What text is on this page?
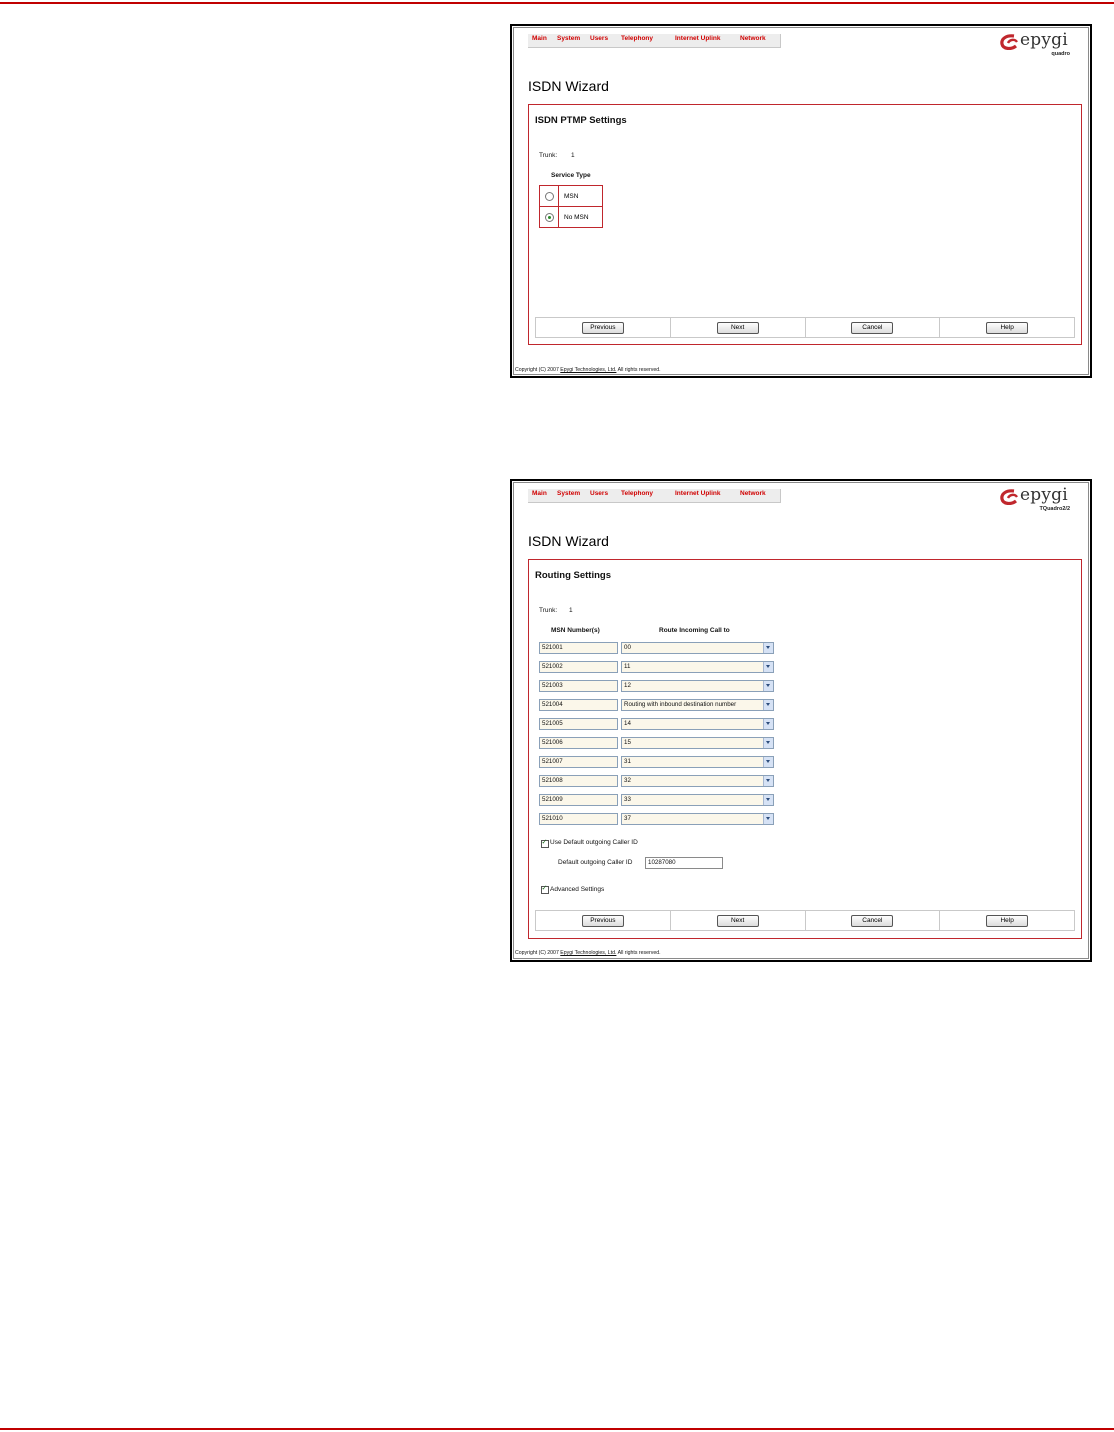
Main System Users Telephony	Internet Uplink	Network	epygi
quadro
ISDN Wizard
ISDN PTMP Settings
Trunk: 1
Service Type
	MSN
	No MSN
Previous	Next	Cancel	Help
Copyright (C) 2007 Epygi Technologies, Ltd. All rights reserved.
Main System Users Telephony	Internet Uplink	Network	epygi
TQuadro2/2
ISDN Wizard
Routing Settings
Trunk: 1
MSN Number(s)	Route Incoming Call to
521001	00
521002	11
521003	12
521004	Routing with inbound destination number
521005	14
521006	15
521007	31
521008	32
521009	33
521010	37
✓
Use Default outgoing Caller ID
Default outgoing Caller ID	10287080
✓
Advanced Settings
Previous	Next	Cancel	Help
Copyright (C) 2007 Epygi Technologies, Ltd. All rights reserved.
